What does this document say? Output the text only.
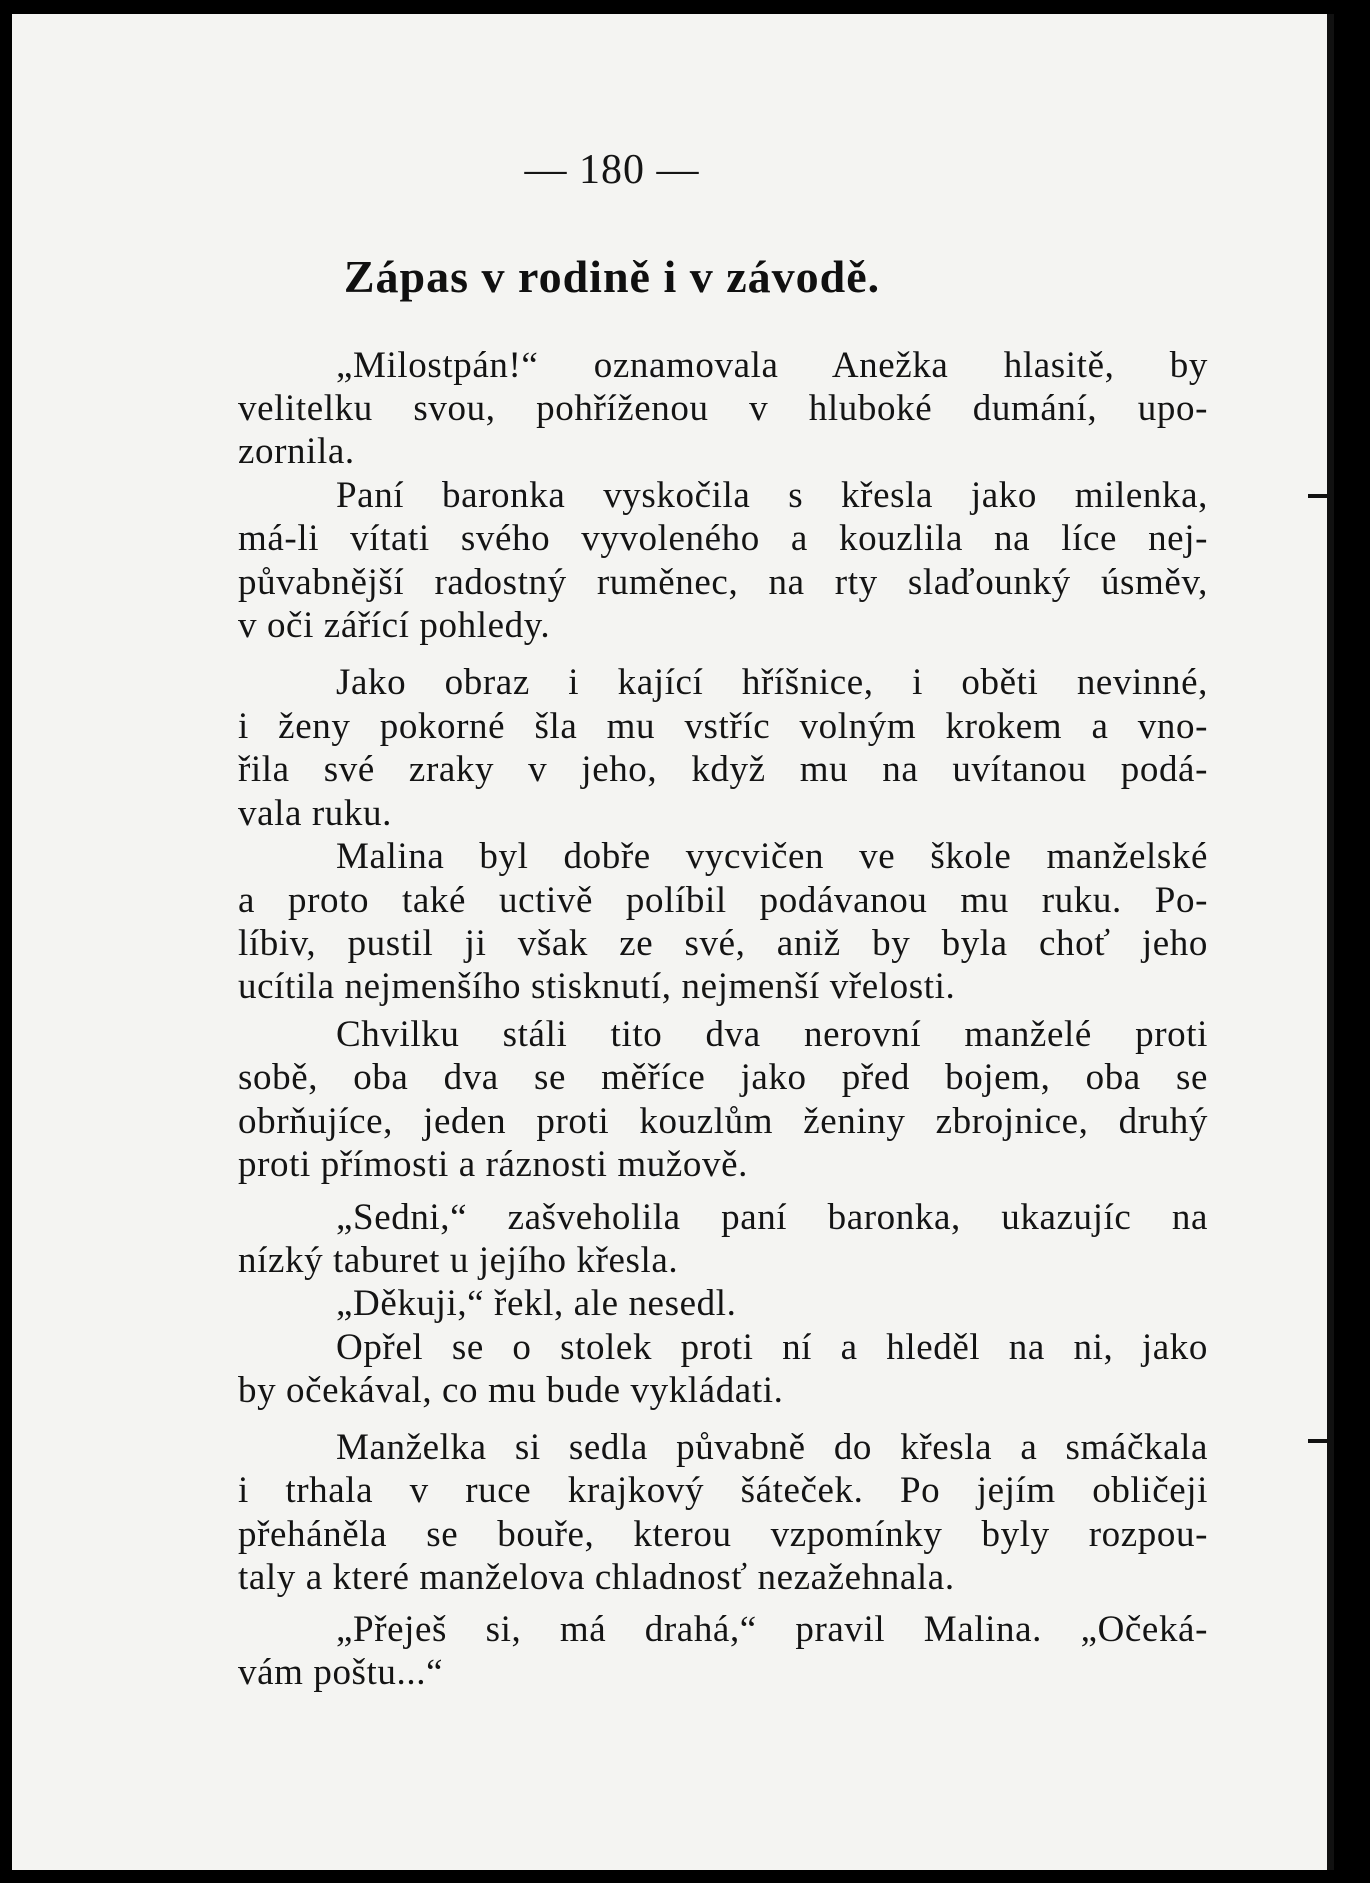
— 180 —
Zápas v rodině i v závodě.
„Milostpán!“ oznamovala Anežka hlasitě, by
velitelku svou, pohříženou v hluboké dumání, upo-
zornila.
Paní baronka vyskočila s křesla jako milenka,
má-li vítati svého vyvoleného a kouzlila na líce nej-
půvabnější radostný ruměnec, na rty slaďounký úsměv,
v oči zářící pohledy.
Jako obraz i kající hříšnice, i oběti nevinné,
i ženy pokorné šla mu vstříc volným krokem a vno-
řila své zraky v jeho, když mu na uvítanou podá-
vala ruku.
Malina byl dobře vycvičen ve škole manželské
a proto také uctivě políbil podávanou mu ruku. Po-
líbiv, pustil ji však ze své, aniž by byla choť jeho
ucítila nejmenšího stisknutí, nejmenší vřelosti.
Chvilku stáli tito dva nerovní manželé proti
sobě, oba dva se měříce jako před bojem, oba se
obrňujíce, jeden proti kouzlům ženiny zbrojnice, druhý
proti přímosti a ráznosti mužově.
„Sedni,“ zašveholila paní baronka, ukazujíc na
nízký taburet u jejího křesla.
„Děkuji,“ řekl, ale nesedl.
Opřel se o stolek proti ní a hleděl na ni, jako
by očekával, co mu bude vykládati.
Manželka si sedla půvabně do křesla a smáčkala
i trhala v ruce krajkový šáteček. Po jejím obličeji
přeháněla se bouře, kterou vzpomínky byly rozpou-
taly a které manželova chladnosť nezažehnala.
„Přeješ si, má drahá,“ pravil Malina. „Očeká-
vám poštu...“
